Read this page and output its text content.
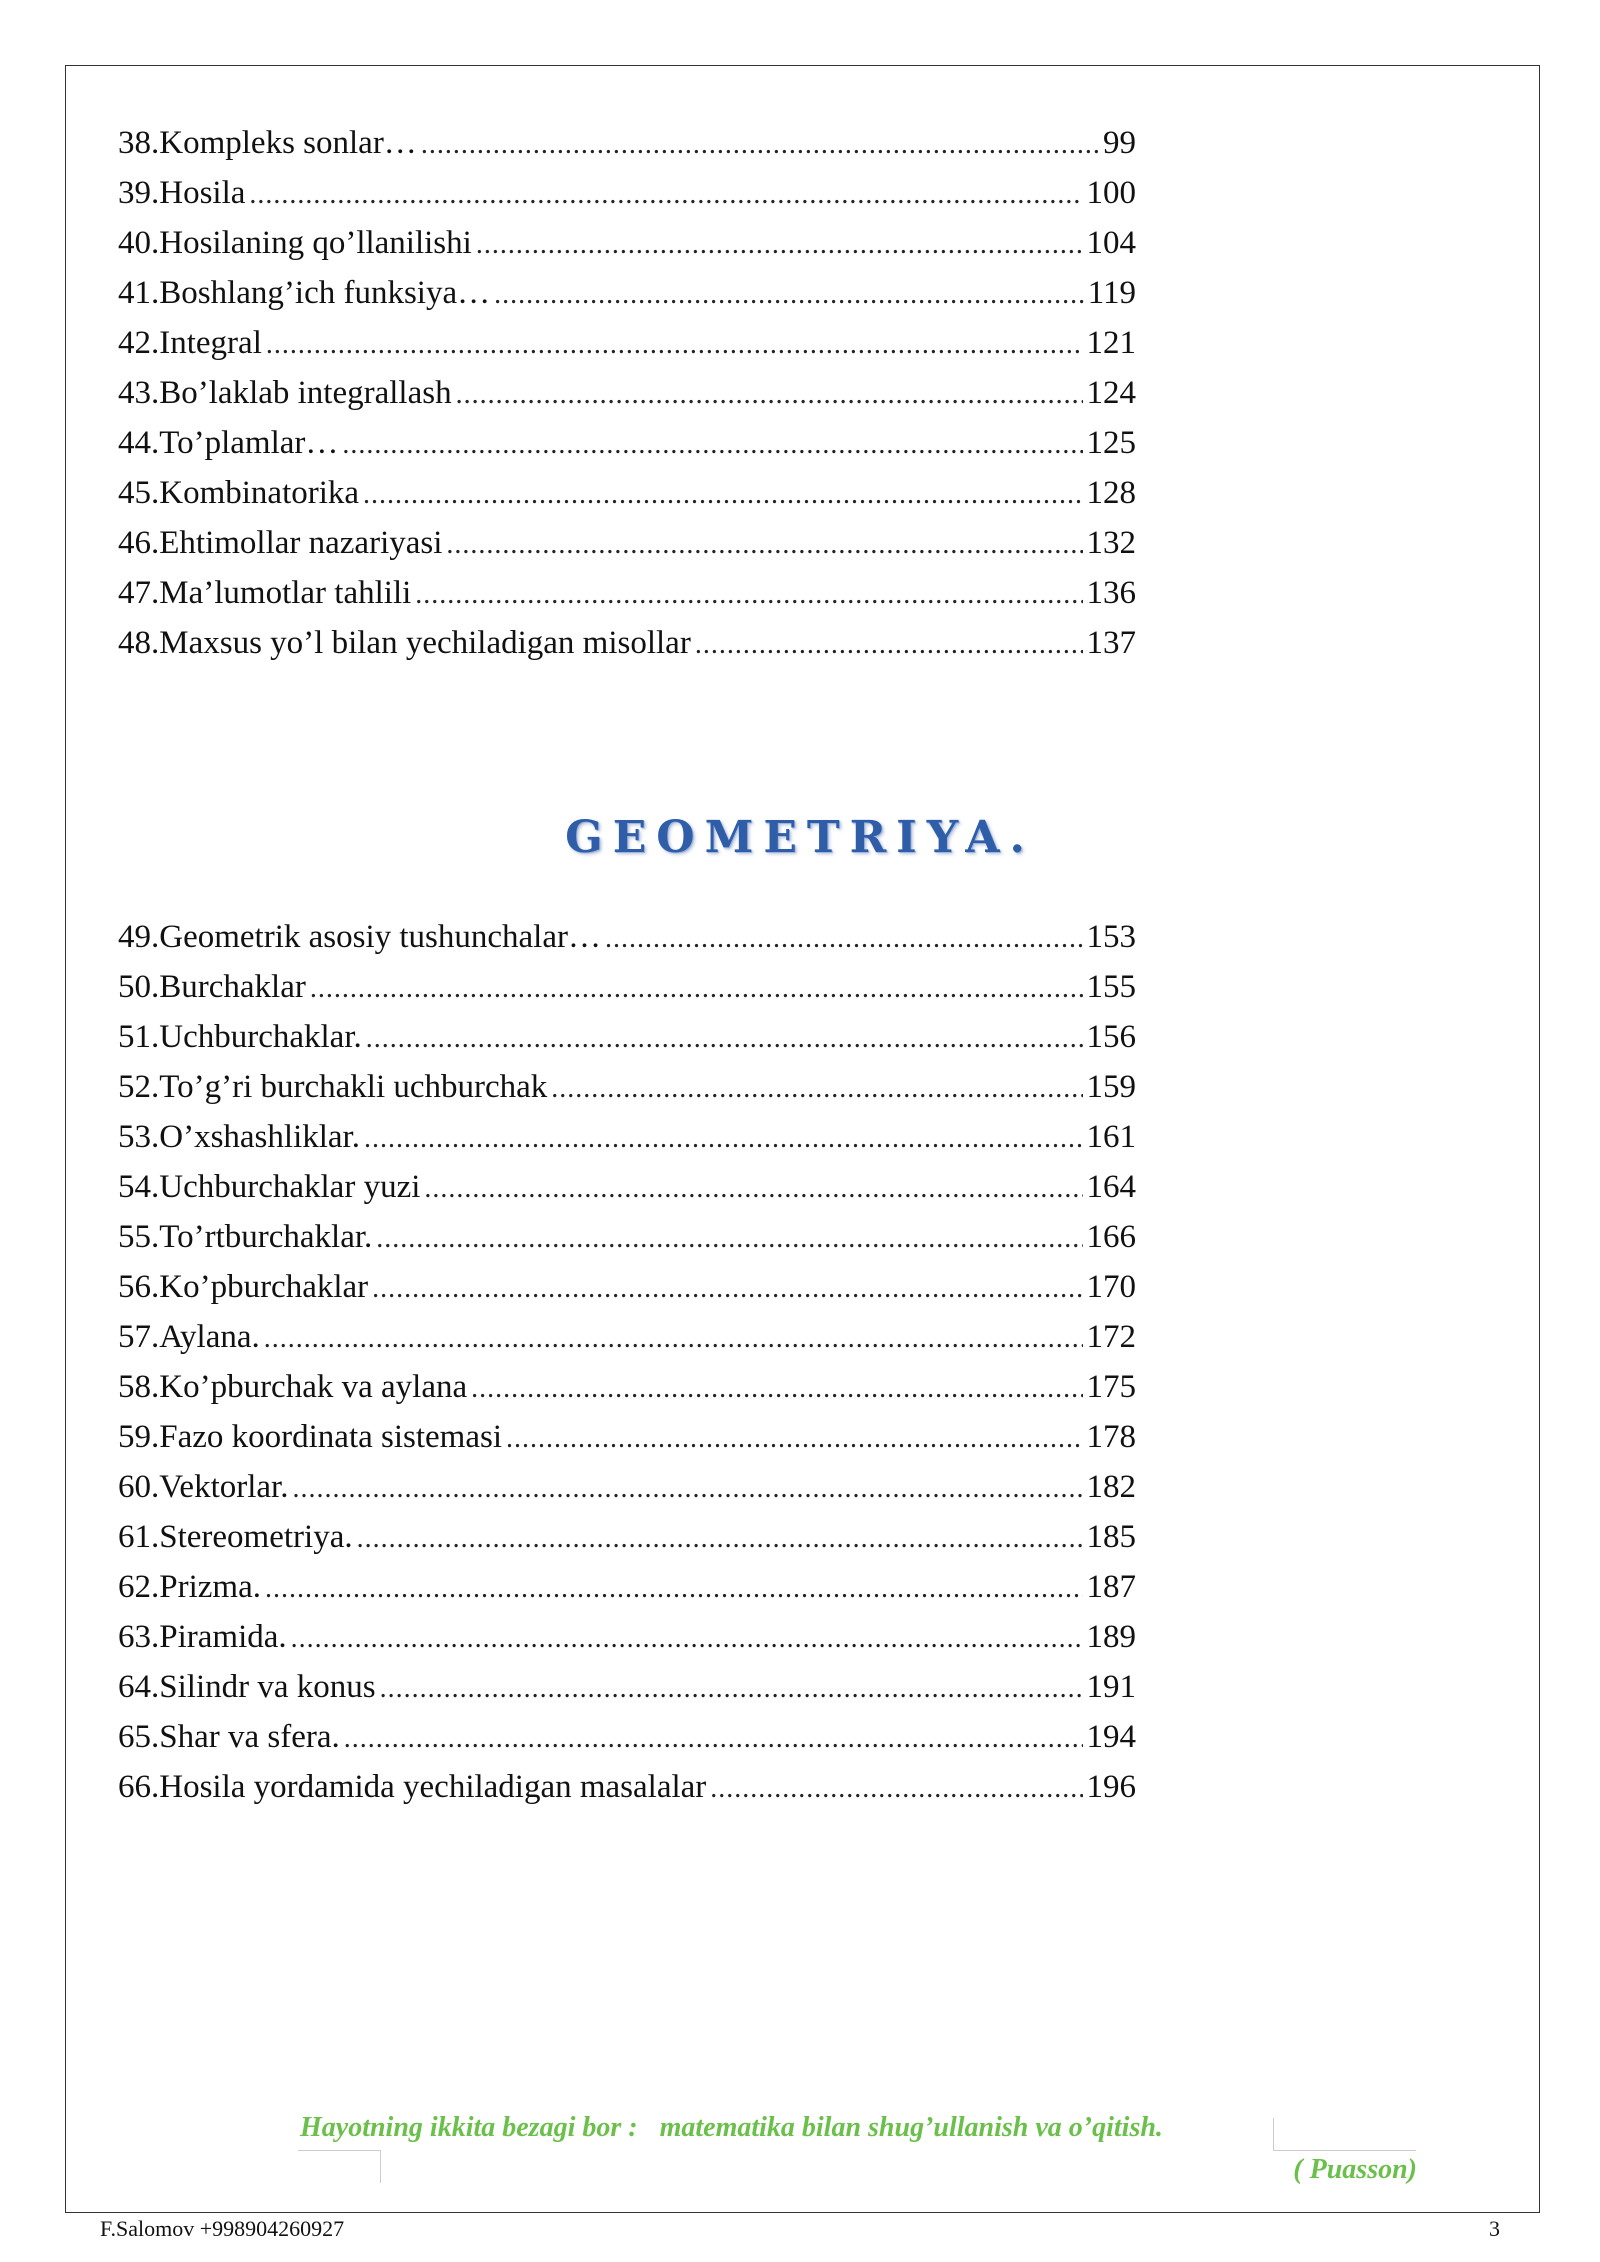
38. Kompleks sonlar… .....	99
39. Hosila .....	100
40. Hosilaning qo’llanilishi .....	104
41. Boshlang’ich funksiya… .....	119
42. Integral .....	121
43. Bo’laklab integrallash .....	124
44. To’plamlar… .....	125
45. Kombinatorika .....	128
46. Ehtimollar nazariyasi .....	132
47. Ma’lumotlar tahlili .....	136
48. Maxsus yo’l bilan yechiladigan misollar .....	137
GEOMETRIYA.
49. Geometrik asosiy tushunchalar… .....	153
50. Burchaklar .....	155
51. Uchburchaklar. .....	156
52. To’g’ri burchakli uchburchak .....	159
53. O’xshashliklar. .....	161
54. Uchburchaklar yuzi .....	164
55. To’rtburchaklar. .....	166
56. Ko’pburchaklar .....	170
57. Aylana. .....	172
58. Ko’pburchak va aylana .....	175
59. Fazo koordinata sistemasi .....	178
60. Vektorlar. .....	182
61. Stereometriya. .....	185
62. Prizma. .....	187
63. Piramida. .....	189
64. Silindr va konus .....	191
65. Shar va sfera. .....	194
66. Hosila yordamida yechiladigan masalalar .....	196
Hayotning ikkita bezagi bor : matematika bilan shug’ullanish va o’qitish.
( Puasson)
F.Salomov +998904260927	3
